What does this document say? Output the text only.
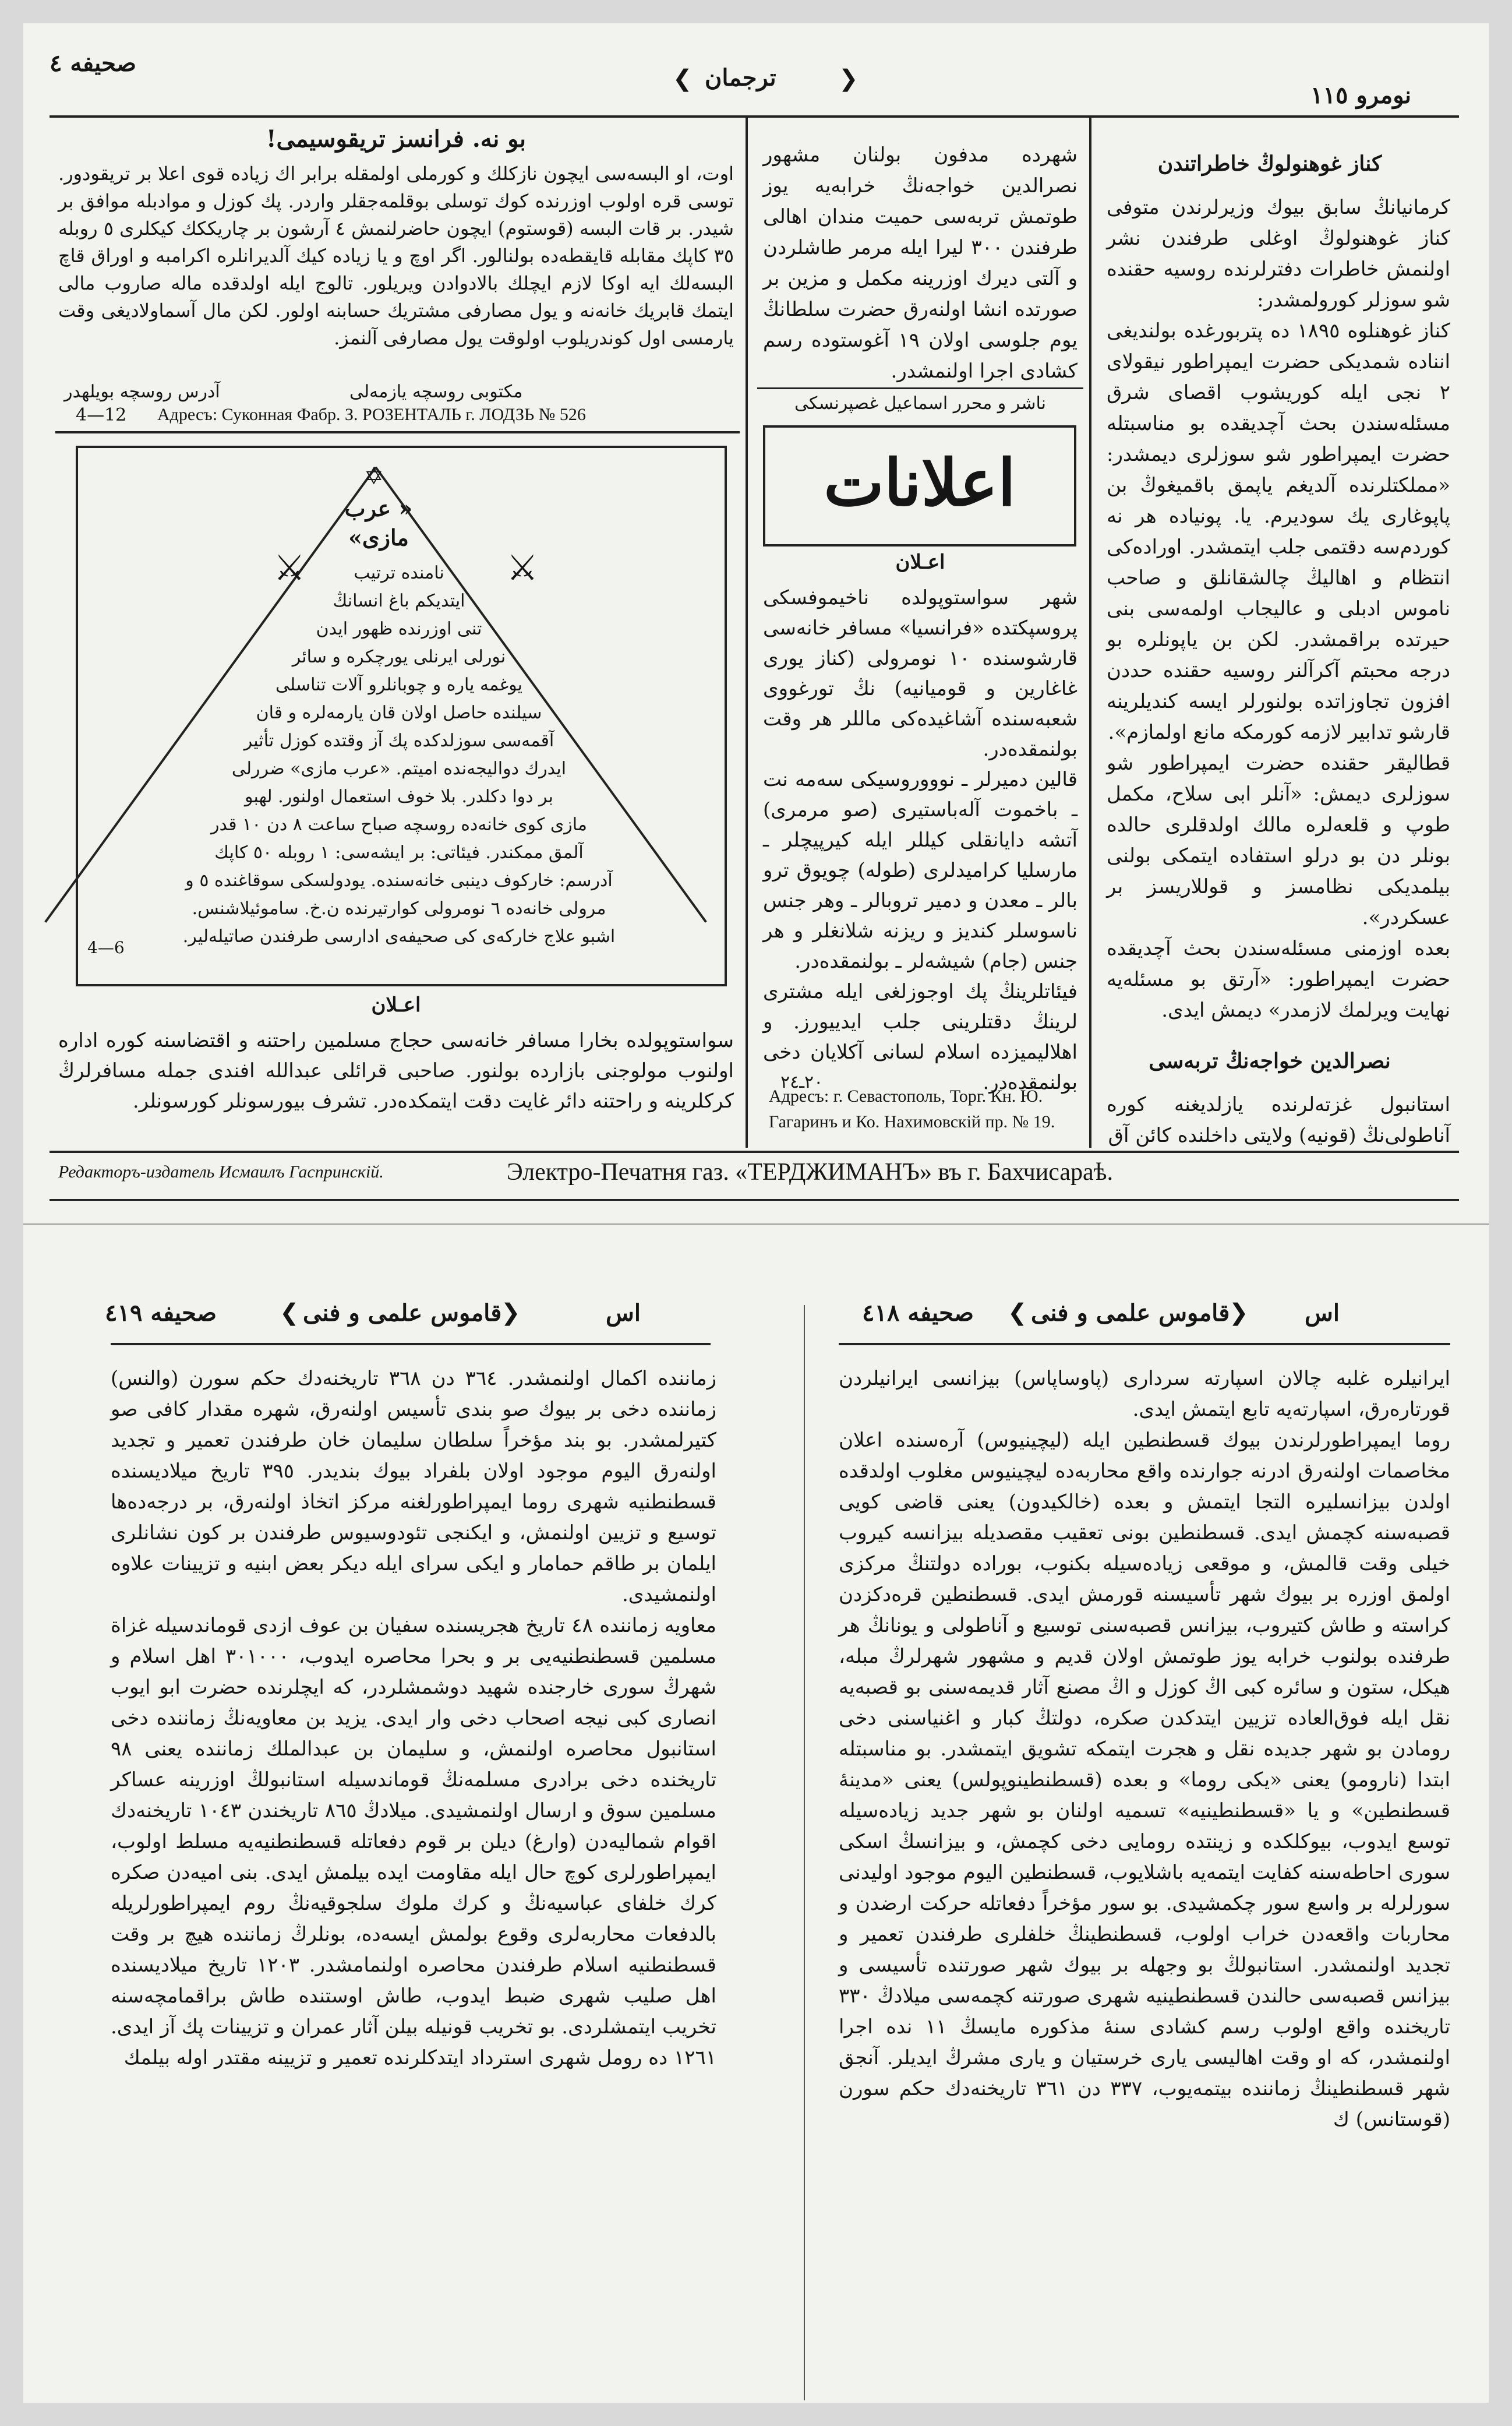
صحيفه ٤
ترجمان
❮	❯
نومرو ١١٥
كناز غوهنولوڭ خاطراتندن
كرمانيانڭ سابق بيوك وزيرلرندن متوفى كناز غوهنولوڭ اوغلى طرفندن نشر اولنمش خاطرات دفترلرنده روسيه حقنده شو سوزلر كورولمشدر:
كناز غوهنلوه ١٨٩٥ ده پتربورغده بولنديغى انناده شمديكى حضرت ايمپراطور نيقولاى ٢ نجى ايله كوريشوب اقصاى شرق مسئله‌سندن بحث آچديقده بو مناسبتله حضرت ايمپراطور شو سوزلرى ديمشدر: «مملكتلرنده آلديغم ياپمق باقميغوڭ بن پاپوغارى يك سوديرم. يا. پونياده هر نه كوردم‌سه دقتمى جلب ايتمشدر. اوراده‌كى انتظام و اهاليڭ چالشقانلق و صاحب ناموس ادبلى و عاليجاب اولمه‌سى بنى حيرتده براقمشدر. لكن بن ياپونلره بو درجه محبتم آكرآلنر روسيه حقنده حددن افزون تجاوزاتده بولنورلر ايسه كنديلرينه قارشو تدابير لازمه كورمكه مانع اولمازم».
قطاليقر حقنده حضرت ايمپراطور شو سوزلرى ديمش: «آنلر ابى سلاح، مكمل طوپ و قلعه‌لره مالك اولدقلرى حالده بونلر دن بو درلو استفاده ايتمكى بولنى بيلمديكى نظامسز و قوللاريسز بر عسكردر».
بعده اوزمنى مسئله‌سندن بحث آچديقده حضرت ايمپراطور: «آرتق بو مسئله‌يه نهايت ويرلمك لازمدر» ديمش ايدى.
نصرالدين خواجه‌نڭ تربه‌سى
استانبول غزته‌لرنده يازلديغنه كوره آناطولى‌نڭ (قونيه) ولايتى داخلنده كائن آق
شهرده مدفون بولنان مشهور نصرالدين خواجه‌نڭ خرابه‌يه يوز طوتمش تربه‌سى حميت مندان اهالى طرفندن ٣٠٠ ليرا ايله مرمر طاشلردن و آلتى ديرك اوزرينه مكمل و مزين بر صورتده انشا اولنه‌رق حضرت سلطانڭ يوم جلوسى اولان ١٩ آغوستوده رسم كشادى اجرا اولنمشدر.
ناشر و محرر اسماعيل غصپرنسكى
اعلانات
اعـلان
شهر سواستوپولده ناخيموفسكى پروسپكتده «فرانسيا» مسافر خانه‌سى قارشوسنده ١٠ نومرولى (كناز يورى غاغارين و قوميانيه) نڭ تورغووى شعبه‌سنده آشاغيده‌كى ماللر هر وقت بولنمقده‌در.
قالين دميرلر ـ نووورو‌سيكى سه‌مه نت ـ باخموت آله‌باستيرى (صو مرمرى) آتشه دايانقلى كيللر ايله كيرپيچلر ـ مارسليا كراميدلرى (طوله) چويوق ترو بالر ـ معدن و دمير تروبالر ـ وهر جنس ناسوسلر كنديز و ريزنه شلانغلر و هر جنس (جام) شيشه‌لر ـ بولنمقده‌در.
فيئاتلرينڭ پك اوجوزلغى ايله مشترى لرينڭ دقتلرينى جلب ايدييورز. و اهلاليميزده اسلام لسانى آكلايان دخى بولنمقده‌در.
٢٠ـ٢٤
Адресъ: г. Севастополь, Торг. Кн. Ю. Гагаринъ и Ко. Нахимовскій пр. № 19.
بو نه. فرانسز تريقوسيمى!
اوت، او البسه‌سى ايچون نازكلك و كورملى اولمقله برابر اك زياده قوى اعلا بر تريقودور. توسى قره اولوب اوزرنده كوك توسلى بوقلمه‌جقلر واردر. پك كوزل و موادبله موافق بر شيدر. بر قات البسه (قوستوم) ايچون حاضرلنمش ٤ آرشون بر چاريككك كيكلرى ٥ روبله ٣٥ كاپك مقابله قايقطه‌ده بولنالور. اگر اوچ و يا زياده كيك آلديرانلره اكرامبه و اوراق قاچ البسه‌لك ايه اوكا لازم ايچلك بالادوادن ويريلور. تالوج ايله اولدقده ماله صاروب مالى ايتمك قابريك خانه‌نه و يول مصارفى مشتريك حسابنه اولور. لكن مال آسماولاديغى وقت يارمسى اول كوندريلوب اولوقت يول مصارفى آلنمز.
مكتوبى روسچه يازمه‌لى
آدرس روسچه بويلهدر
Адресъ: Суконная Фабр. З. РОЗЕНТАЛЬ г. ЛОДЗЬ № 526
4—12
✡
⚔	⚔
« عرب
مازى»
نامنده ترتيب
ايتديكم باغ انسانڭ
تنى اوزرنده ظهور ايدن
نورلى ايرنلى يورچكره و سائر
يوغمه ياره و چوبانلرو آلات تناسلى
سيلنده حاصل اولان قان يارمه‌لره و قان
آقمه‌سى سوزلدكده پك آز وقتده كوزل تأثير
ايدرك دواليجه‌نده اميتم. «عرب مازى» ضررلى
بر دوا دكلدر. بلا خوف استعمال اولنور. لهبو
مازى كوى خانه‌ده روسچه صباح ساعت ٨ دن ١٠ قدر
آلمق ممكندر. فيئاتى: بر ايشه‌سى: ١ روبله ٥٠ كاپك
آدرسم: خاركوف دينبى خانه‌سنده. يودولسكى سوقاغنده ٥ و
مرولى خانه‌ده ٦ نومرولى كوارتيرنده ن.خ. ساموئيلاشنس.
اشبو علاج خاركه‌ى كى صحيفه‌ى ادارسى طرفندن صاتيله‌لير.
4—6
اعـلان
سواستوپولده بخارا مسافر خانه‌سى حجاج مسلمين راحتنه و اقتضاسنه كوره اداره اولنوب مولوجنى بازارده بولنور. صاحبى قرائلى عبدالله افندى جمله مسافرلرڭ كركلرينه و راحتنه دائر غايت دقت ايتمكده‌در. تشرف بيورسونلر كورسونلر.
Редакторъ-издатель Исмаилъ Гаспринскій.	Электро-Печатня газ. «ТЕРДЖИМАНЪ» въ г. Бахчисараѣ.
اس
❯
قاموس علمى و فنى
❮
صحيفه ٤١٩
زماننده اكمال اولنمشدر. ٣٦٤ دن ٣٦٨ تاريخنه‌دك حكم سورن (والنس) زماننده دخى بر بيوك صو بندى تأسيس اولنه‌رق، شهره مقدار كافى صو كتيرلمشدر. بو بند مؤخراً سلطان سليمان خان طرفندن تعمير و تجديد اولنه‌رق اليوم موجود اولان بلفراد بيوك بنديدر. ٣٩٥ تاريخ ميلاديسنده قسطنطنيه شهرى روما ايمپراطورلغنه مركز اتخاذ اولنه‌رق، بر درجه‌ده‌ها توسيع و تزيين اولنمش، و ايكنجى تئودوسيوس طرفندن بر كون نشانلرى ايلمان بر طاقم حمامار و ايكى سراى ايله ديكر بعض ابنيه و تزيينات علاوه اولنمشيدى.
معاويه زماننده ٤٨ تاريخ هجريسنده سفيان بن عوف ازدى قوماندسيله غزاة مسلمين قسطنطنيه‌يى بر و بحرا محاصره ايدوب، ٣٠١٠٠٠ اهل اسلام و شهرڭ سورى خارجنده شهيد دوشمشلردر، كه ايچلرنده حضرت ابو ايوب انصارى كبى نيجه اصحاب دخى وار ايدى. يزيد بن معاويه‌نڭ زماننده دخى استانبول محاصره اولنمش، و سليمان بن عبدالملك زماننده يعنى ٩٨ تاريخنده دخى برادرى مسلمه‌نڭ قوماندسيله استانبولڭ اوزرينه عساكر مسلمين سوق و ارسال اولنمشيدى. ميلادڭ ٨٦٥ تاريخندن ١٠٤٣ تاريخنه‌دك اقوام شماليه‌دن (وارغ) ديلن بر قوم دفعاتله قسطنطنيه‌يه مسلط اولوب، ايمپراطورلرى كوچ حال ايله مقاومت ايده بيلمش ايدى. بنى اميه‌دن صكره كرك خلفاى عباسيه‌نڭ و كرك ملوك سلجوقيه‌نڭ روم ايمپراطورلريله بالدفعات محاربه‌لرى وقوع بولمش ايسه‌ده، بونلرڭ زماننده هيچ بر وقت قسطنطنيه اسلام طرفندن محاصره اولنمامشدر. ١٢٠٣ تاريخ ميلاديسنده اهل صليب شهرى ضبط ايدوب، طاش اوستنده طاش براقمامچه‌سنه تخريب ايتمشلردى. بو تخريب قونيله بيلن آثار عمران و تزيينات پك آز ايدى. ١٢٦١ ده رومل شهرى استرداد ايتدكلرنده تعمير و تزيينه مقتدر اوله بيلمك
اس
❯
قاموس علمى و فنى
❮
صحيفه ٤١٨
ايرانيلره غلبه چالان اسپارته سردارى (پاوساپاس) بيزانسى ايرانيلردن قورتاره‌رق، اسپارته‌يه تابع ايتمش ايدى.
روما ايمپراطورلرندن بيوك قسطنطين ايله (ليچينيوس) آره‌سنده اعلان مخاصمات اولنه‌رق ادرنه جوارنده واقع محاربه‌ده ليچينيوس مغلوب اولدقده اولدن بيزانسليره التجا ايتمش و بعده (خالكيدون) يعنى قاضى كويى قصبه‌سنه كچمش ايدى. قسطنطين بونى تعقيب مقصديله بيزانسه كيروب خيلى وقت قالمش، و موقعى زياده‌سيله بكنوب، بوراده دولتنڭ مركزى اولمق اوزره بر بيوك شهر تأسيسنه قورمش ايدى. قسطنطين قره‌دكزدن كراسته و طاش كتيروب، بيزانس قصبه‌سنى توسيع و آناطولى و يونانڭ هر طرفنده بولنوب خرابه يوز طوتمش اولان قديم و مشهور شهرلرڭ مبله، هيكل، ستون و سائره كبى اڭ كوزل و اڭ مصنع آثار قديمه‌سنى بو قصبه‌يه نقل ايله فوق‌العاده تزيين ايتدكدن صكره، دولتڭ كبار و اغنياسنى دخى رومادن بو شهر جديده نقل و هجرت ايتمكه تشويق ايتمشدر. بو مناسبتله ابتدا (نارومو) يعنى «يكى روما» و بعده (قسطنطينوپولس) يعنى «مدينهٔ قسطنطين» و يا «قسطنطينيه» تسميه اولنان بو شهر جديد زياده‌سيله توسع ايدوب، بيوكلكده و زينتده روما‌يى دخى كچمش، و بيزانسڭ اسكى سورى احاطه‌سنه كفايت ايتمه‌يه باشلايوب، قسطنطين اليوم موجود اوليدنى سورلرله بر واسع سور چكمشيدى. بو سور مؤخراً دفعاتله حركت ارضدن و محاربات واقعه‌دن خراب اولوب، قسطنطينڭ خلفلرى طرفندن تعمير و تجديد اولنمشدر. استانبولڭ بو وجهله بر بيوك شهر صورتنده تأسيسى و بيزانس قصبه‌سى حالندن قسطنطينيه شهرى صورتنه كچمه‌سى ميلادڭ ٣٣٠ تاريخنده واقع اولوب رسم كشادى سنهٔ مذكوره مايسڭ ١١ نده اجرا اولنمشدر، كه او وقت اهاليسى يارى خرستيان و يارى مشرڭ ايديلر. آنجق شهر قسطنطينڭ زماننده بيتمه‌يوب، ٣٣٧ دن ٣٦١ تاريخنه‌دك حكم سورن (قوستانس) ك
